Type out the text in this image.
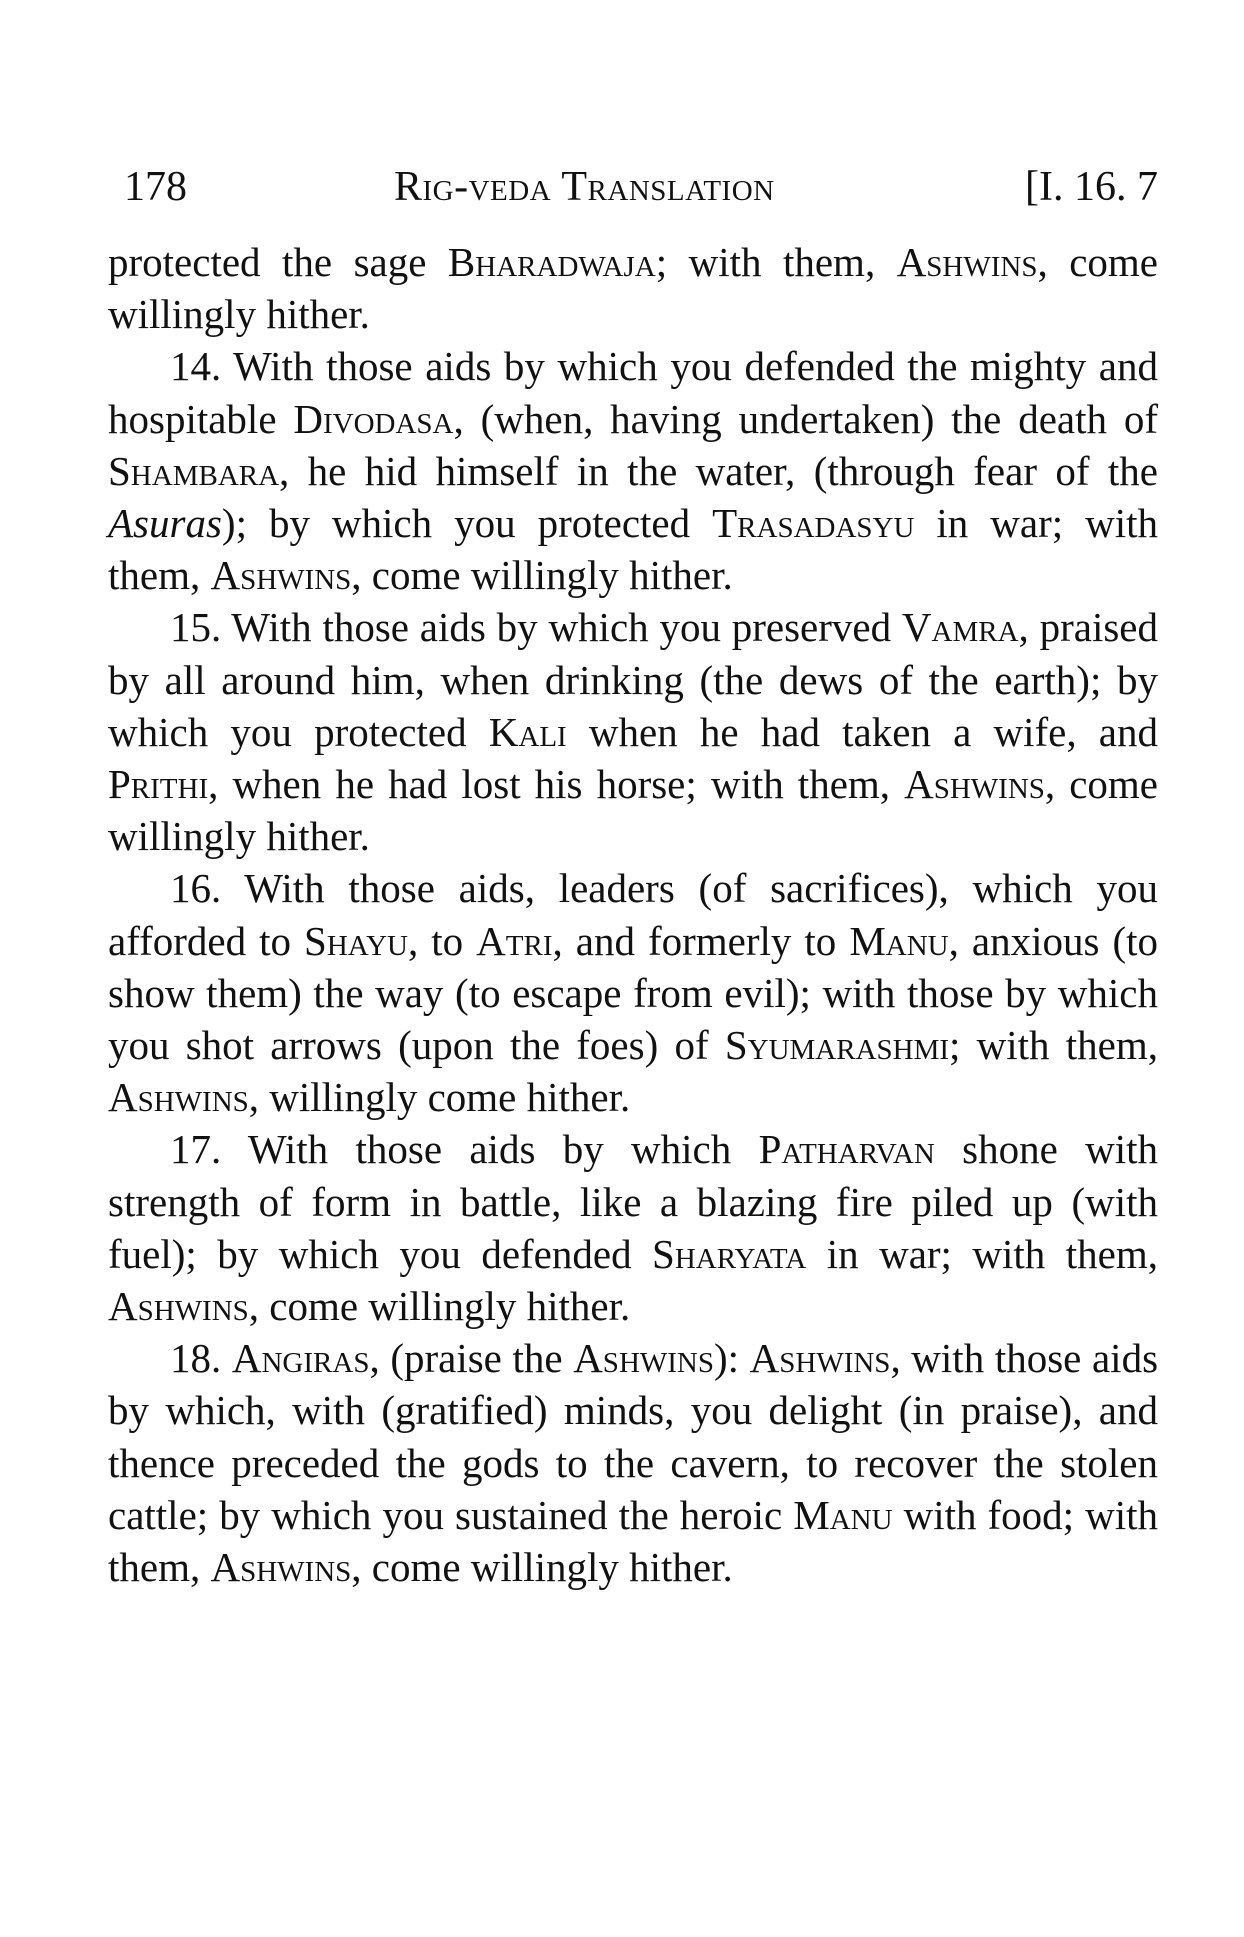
178	Rig-veda Translation	[I. 16. 7

protected the sage Bharadwaja; with them, Ashwins, come willingly hither.

14. With those aids by which you defended the mighty and hospitable Divodasa, (when, having undertaken) the death of Shambara, he hid himself in the water, (through fear of the Asuras); by which you protected Trasadasyu in war; with them, Ashwins, come willingly hither.

15. With those aids by which you preserved Vamra, praised by all around him, when drinking (the dews of the earth); by which you protected Kali when he had taken a wife, and Prithi, when he had lost his horse; with them, Ashwins, come willingly hither.

16. With those aids, leaders (of sacrifices), which you afforded to Shayu, to Atri, and formerly to Manu, anxious (to show them) the way (to escape from evil); with those by which you shot arrows (upon the foes) of Syumarashmi; with them, Ashwins, willingly come hither.

17. With those aids by which Patharvan shone with strength of form in battle, like a blazing fire piled up (with fuel); by which you defended Sharyata in war; with them, Ashwins, come willingly hither.

18. Angiras, (praise the Ashwins): Ashwins, with those aids by which, with (gratified) minds, you delight (in praise), and thence preceded the gods to the cavern, to recover the stolen cattle; by which you sustained the heroic Manu with food; with them, Ashwins, come willingly hither.
